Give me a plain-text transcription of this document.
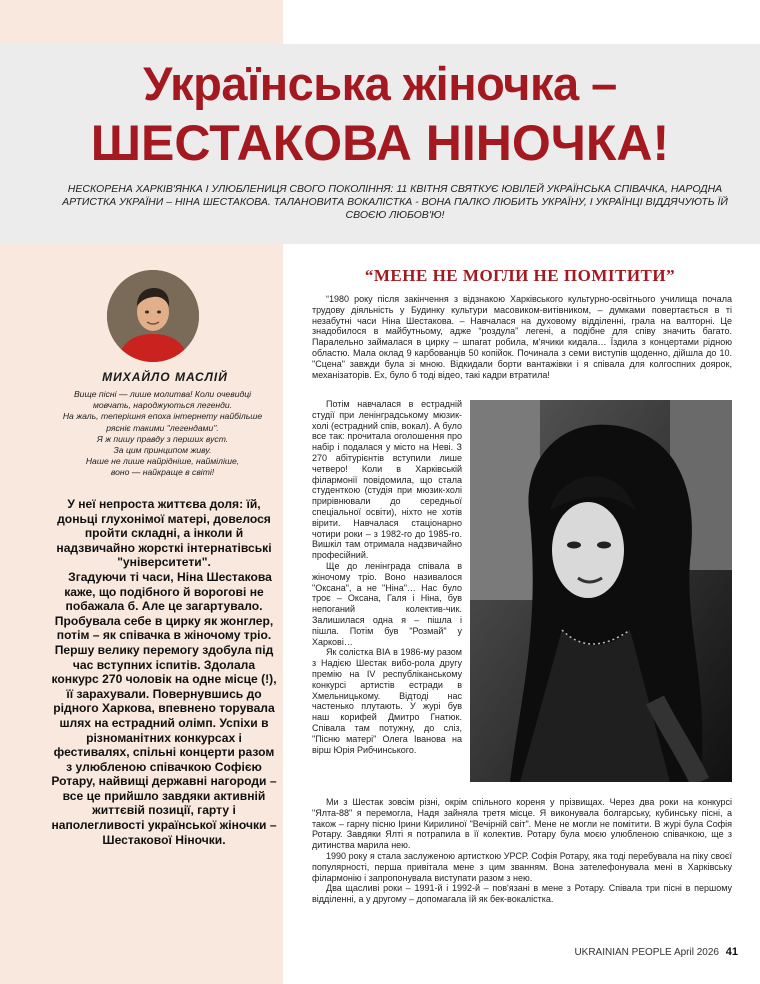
Українська жіночка –
ШЕСТАКОВА НІНОЧКА!

НЕСКОРЕНА ХАРКІВ'ЯНКА І УЛЮБЛЕНИЦЯ СВОГО ПОКОЛІННЯ: 11 КВІТНЯ СВЯТКУЄ ЮВІЛЕЙ УКРАЇНСЬКА СПІВАЧКА, НАРОДНА АРТИСТКА УКРАЇНИ – НІНА ШЕСТАКОВА. ТАЛАНОВИТА ВОКАЛІСТКА - ВОНА ПАЛКО ЛЮБИТЬ УКРАЇНУ, І УКРАЇНЦІ ВІДДЯЧУЮТЬ ЇЙ СВОЄЮ ЛЮБОВ'Ю!

МИХАЙЛО МАСЛІЙ
Вище пісні — лише молитва! Коли очевидці
мовчать, народжуються легенди.
На жаль, теперішня епоха інтернету найбільше
рясніє такими "легендами".
Я ж пишу правду з перших вуст.
За цим принципом живу.
Наше не лише найрідніше, найміліше,
воно — найкраще в світі!

У неї непроста життєва доля: їй, доньці глухонімої матері, довелося пройти складні, а інколи й надзвичайно жорсткі інтернатівські "університети".

Згадуючи ті часи, Ніна Шестакова каже, що подібного й ворогові не побажала б. Але це загартувало. Пробувала себе в цирку як жонглер, потім – як співачка в жіночому тріо. Першу велику перемогу здобула під час вступних іспитів. Здолала конкурс 270 чоловік на одне місце (!), її зарахували. Повернувшись до рідного Харкова, впевнено торувала шлях на естрадний олімп. Успіхи в різноманітних конкурсах і фестивалях, спільні концерти разом з улюбленою співачкою Софією Ротару, найвищі державні нагороди – все це прийшло завдяки активній життєвій позиції, гарту і наполегливості української жіночки – Шестакової Ніночки.

“МЕНЕ НЕ МОГЛИ НЕ ПОМІТИТИ”

“1980 року після закінчення з відзнакою Харківського культурно-освітнього училища почала трудову діяльність у Будинку культури масовиком-витівником, – думками повертається в ті незабутні часи Ніна Шестакова. – Навчалася на духовому відділенні, грала на валторні. Це знадобилося в майбутньому, адже “роздула” легені, а подібне для співу значить багато. Паралельно займалася в цирку – шпагат робила, м'ячики кидала… Їздила з концертами рідною областю. Мала оклад 9 карбованців 50 копійок. Починала з семи виступів щоденно, дійшла до 10. "Сцена" завжди була зі мною. Відкидали борти вантажівки і я співала для колгоспних доярок, механізаторів. Ех, було б тоді відео, такі кадри втратила!

Потім навчалася в естрадній студії при ленінградському мюзик-холі (естрадний спів, вокал). А було все так: прочитала оголошення про набір і подалася у місто на Неві. З 270 абітурієнтів вступили лише четверо! Коли в Харківській філармонії повідомила, що стала студенткою (студія при мюзик-холі прирівнювали до середньої спеціальної освіти), ніхто не хотів вірити. Навчалася стаціонарно чотири роки – з 1982-го до 1985-го. Вишкіл там отримала надзвичайно професійний.

Ще до ленінграда співала в жіночому тріо. Воно називалося "Оксана", а не "Ніна"… Нас було троє – Оксана, Галя і Ніна, був непоганий колектив-чик. Залишилася одна я – пішла і пішла. Потім був "Розмай" у Харкові…

Як солістка ВІА в 1986-му разом з Надією Шестак вибо-рола другу премію на IV республіканському конкурсі артистів естради в Хмельницькому. Відтоді нас частенько плутають. У журі був наш корифей Дмитро Гнатюк. Співала там потужну, до сліз, "Пісню матері" Олега Іванова на вірш Юрія Рибчинського.

Ми з Шестак зовсім різні, окрім спільного кореня у прізвищах. Через два роки на конкурсі "Ялта-88" я перемогла, Надя зайняла третя місце. Я виконувала болгарську, кубинську пісні, а також – гарну пісню Ірини Кирилиної "Вечірній світ". Мене не могли не помітити. В журі була Софія Ротару. Завдяки Ялті я потрапила в її колектив. Ротару була моєю улюбленою співачкою, ще з дитинства марила нею.

1990 року я стала заслуженою артисткою УРСР. Софія Ротару, яка тоді перебувала на піку своєї популярності, перша привітала мене з цим званням. Вона зателефонувала мені в Харківську філармонію і запропонувала виступати разом з нею.

Два щасливі роки – 1991-й і 1992-й – пов'язані в мене з Ротару. Співала три пісні в першому відділенні, а у другому – допомагала їй як бек-вокалістка.

UKRAINIAN PEOPLE April 2026 41
